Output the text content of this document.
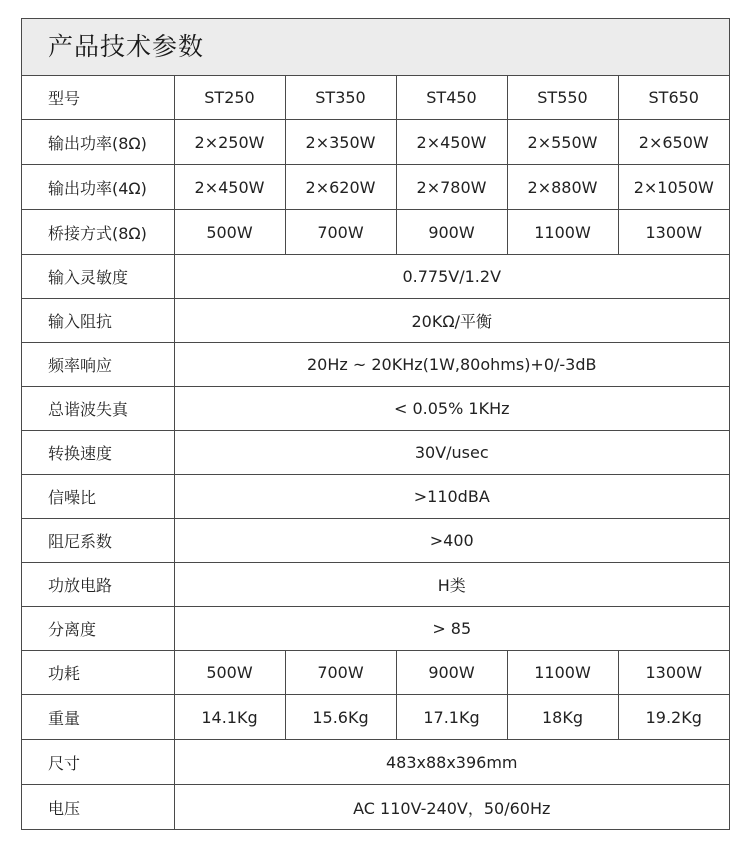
产品技术参数
型号	ST250	ST350	ST450	ST550	ST650
输出功率(8Ω)	2×250W	2×350W	2×450W	2×550W	2×650W
输出功率(4Ω)	2×450W	2×620W	2×780W	2×880W	2×1050W
桥接方式(8Ω)	500W	700W	900W	1100W	1300W
输入灵敏度	0.775V/1.2V				
输入阻抗	20KΩ/平衡				
频率响应	20Hz ~ 20KHz(1W,80ohms)+0/-3dB				
总谐波失真	< 0.05% 1KHz				
转换速度	30V/usec				
信噪比	>110dBA				
阻尼系数	>400				
功放电路	H类				
分离度	> 85				
功耗	500W	700W	900W	1100W	1300W
重量	14.1Kg	15.6Kg	17.1Kg	18Kg	19.2Kg
尺寸	483x88x396mm				
电压	AC 110V-240V，50/60Hz				
